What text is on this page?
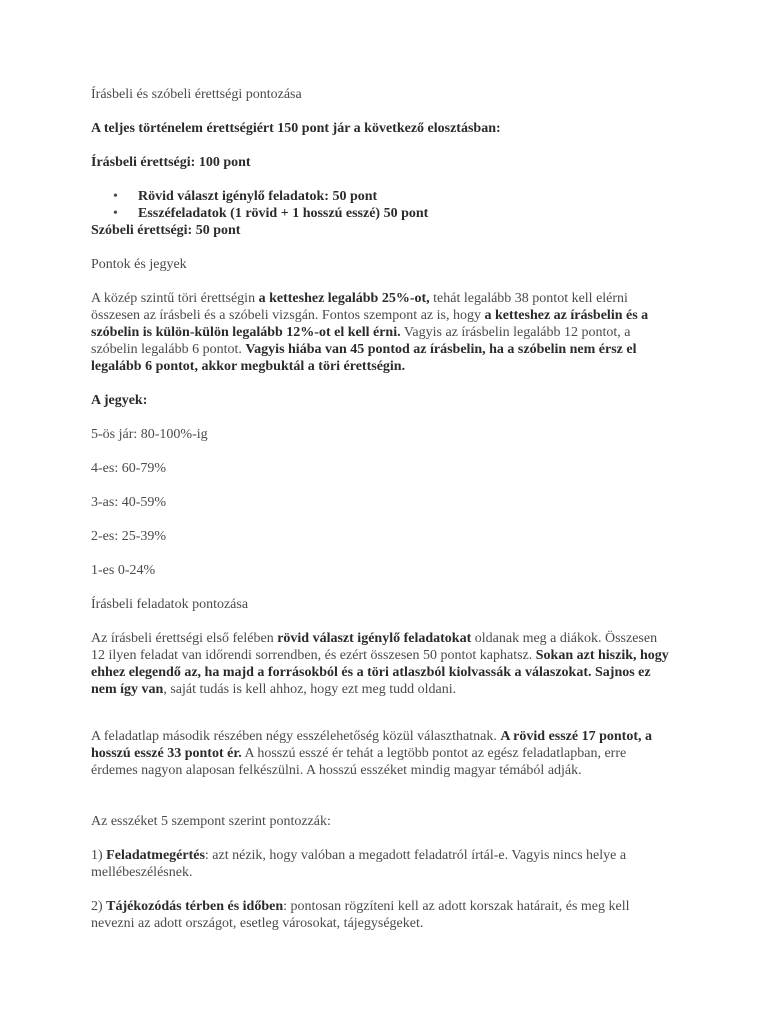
Írásbeli és szóbeli érettségi pontozása

A teljes történelem érettségiért 150 pont jár a következő elosztásban:

Írásbeli érettségi: 100 pont

• Rövid választ igénylő feladatok: 50 pont
• Esszéfeladatok (1 rövid + 1 hosszú esszé) 50 pont

Szóbeli érettségi: 50 pont

Pontok és jegyek

A közép szintű töri érettségin a ketteshez legalább 25%-ot, tehát legalább 38 pontot kell elérni összesen az írásbeli és a szóbeli vizsgán. Fontos szempont az is, hogy a ketteshez az írásbelin és a szóbelin is külön-külön legalább 12%-ot el kell érni. Vagyis az írásbelin legalább 12 pontot, a szóbelin legalább 6 pontot. Vagyis hiába van 45 pontod az írásbelin, ha a szóbelin nem érsz el legalább 6 pontot, akkor megbuktál a töri érettségin.

A jegyek:

5-ös jár: 80-100%-ig

4-es: 60-79%

3-as: 40-59%

2-es: 25-39%

1-es 0-24%

Írásbeli feladatok pontozása

Az írásbeli érettségi első felében rövid választ igénylő feladatokat oldanak meg a diákok. Összesen 12 ilyen feladat van időrendi sorrendben, és ezért összesen 50 pontot kaphatsz. Sokan azt hiszik, hogy ehhez elegendő az, ha majd a forrásokból és a töri atlaszból kiolvassák a válaszokat. Sajnos ez nem így van, saját tudás is kell ahhoz, hogy ezt meg tudd oldani.

A feladatlap második részében négy esszélehetőség közül választhatnak. A rövid esszé 17 pontot, a hosszú esszé 33 pontot ér. A hosszú esszé ér tehát a legtöbb pontot az egész feladatlapban, erre érdemes nagyon alaposan felkészülni. A hosszú esszéket mindig magyar témából adják.

Az esszéket 5 szempont szerint pontozzák:

1) Feladatmegértés: azt nézik, hogy valóban a megadott feladatról írtál-e. Vagyis nincs helye a mellébeszélésnek.

2) Tájékozódás térben és időben: pontosan rögzíteni kell az adott korszak határait, és meg kell nevezni az adott országot, esetleg városokat, tájegységeket.
